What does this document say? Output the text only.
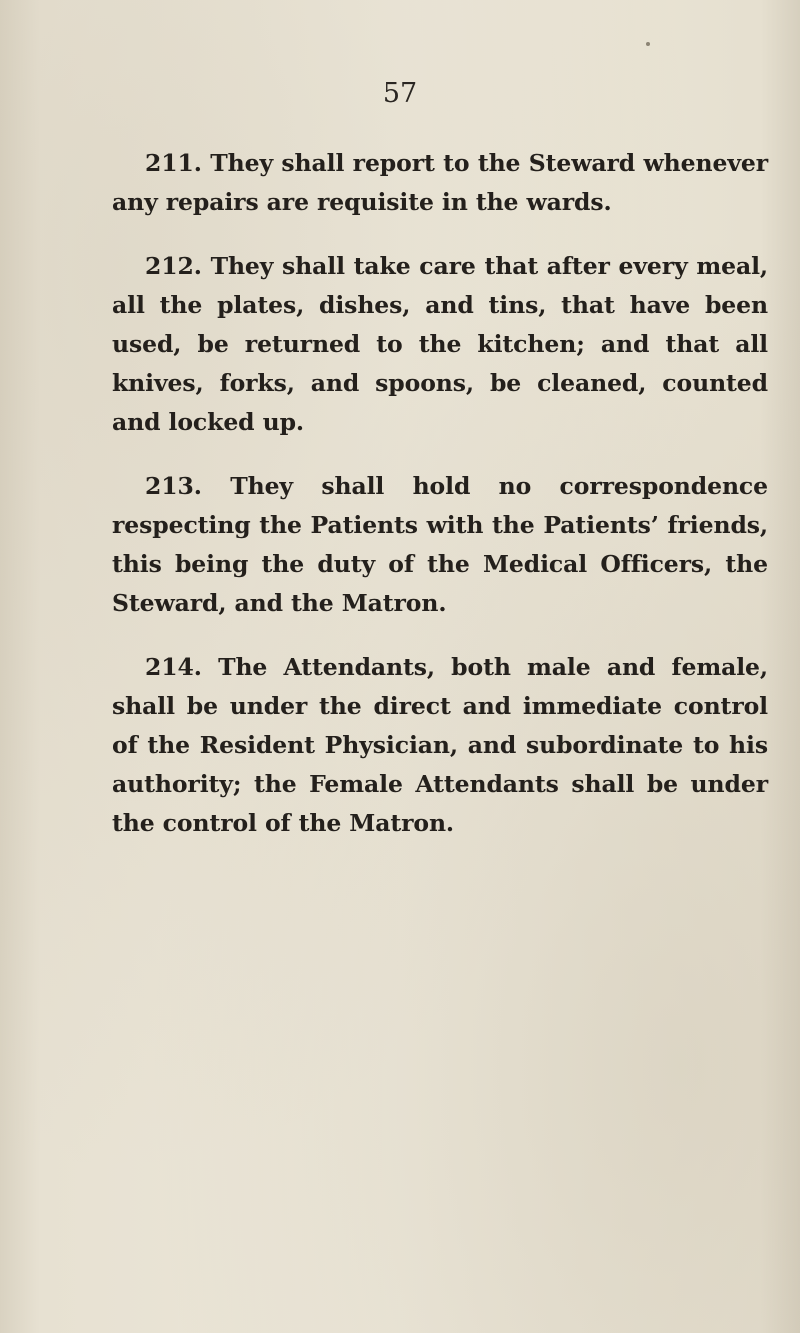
57

211. They shall report to the Steward whenever any repairs are requisite in the wards.

212. They shall take care that after every meal, all the plates, dishes, and tins, that have been used, be returned to the kitchen; and that all knives, forks, and spoons, be cleaned, counted and locked up.

213. They shall hold no correspondence respecting the Patients with the Patients’ friends, this being the duty of the Medical Officers, the Steward, and the Matron.

214. The Attendants, both male and female, shall be under the direct and immediate control of the Resident Physician, and subordinate to his authority; the Female Attendants shall be under the control of the Matron.
